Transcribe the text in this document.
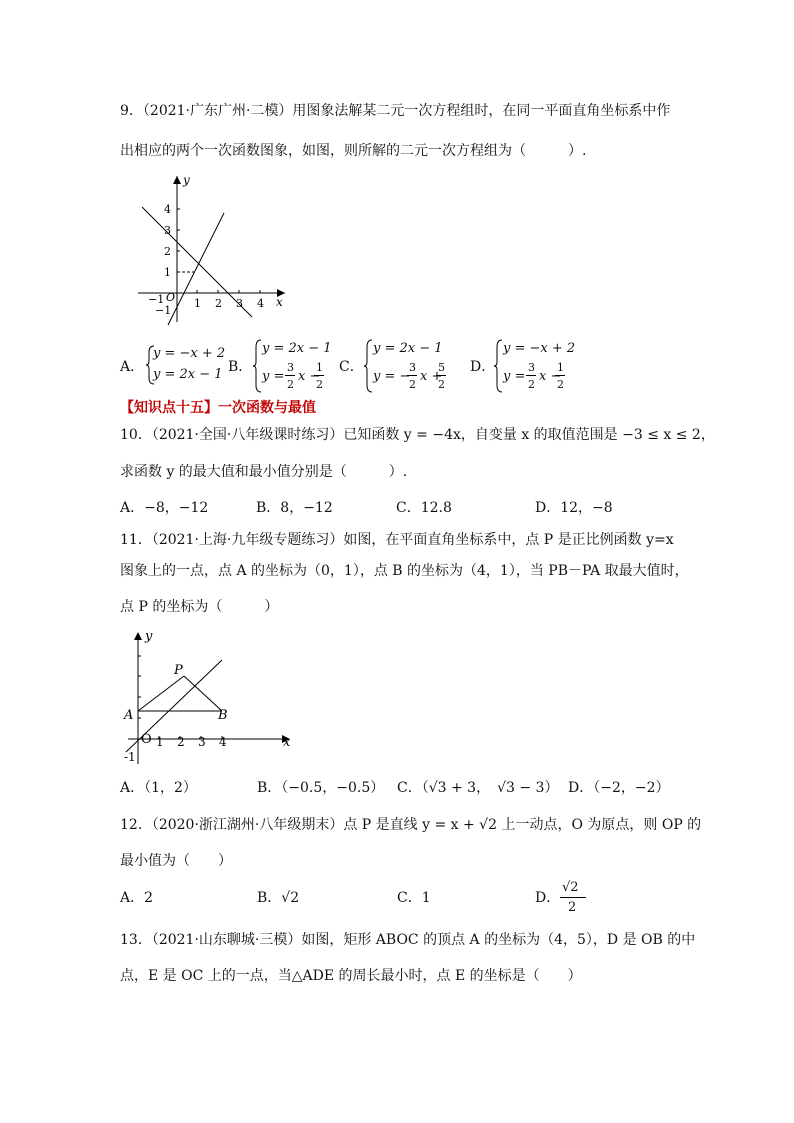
9．（2021·广东广州·二模）用图象法解某二元一次方程组时，在同一平面直角坐标系中作
出相应的两个一次函数图象，如图，则所解的二元一次方程组为（　　　）.
1 2 3 4
1
2
3
4
−1
−1
O	x
y
A．
y = −x + 2
y = 2x − 1 B．
y = 2x − 1
y =
3
2
x −
1
2
C．
y = 2x − 1
y = −
3
2
x +
5
2
D．
y = −x + 2
y =
3
2
x −
1
2
【知识点十五】一次函数与最值
10．（2021·全国·八年级课时练习）已知函数 y = −4x，自变量 x 的取值范围是 −3 ≤ x ≤ 2，
求函数 y 的最大值和最小值分别是（　　　）.
A．−8，−12	B．8，−12	C．12.8	D．12，−8
11．（2021·上海·九年级专题练习）如图，在平面直角坐标系中，点 P 是正比例函数 y=x
图象上的一点，点 A 的坐标为（0，1），点 B 的坐标为（4，1），当 PB－PA 取最大值时，
点 P 的坐标为（　　　）
y
x
P
A	B
O 1 2 3 4
-1
A．（1，2）	B．（−0.5，−0.5） C．（√3 + 3，　√3 − 3） D．（−2，−2）
12．（2020·浙江湖州·八年级期末）点 P 是直线 y = x + √2 上一动点，O 为原点，则 OP 的
最小值为（　　）
A．2	B．√2	C．1	D．
√2
2
13．（2021·山东聊城·三模）如图，矩形 ABOC 的顶点 A 的坐标为（4，5），D 是 OB 的中
点，E 是 OC 上的一点，当△ADE 的周长最小时，点 E 的坐标是（　　）
